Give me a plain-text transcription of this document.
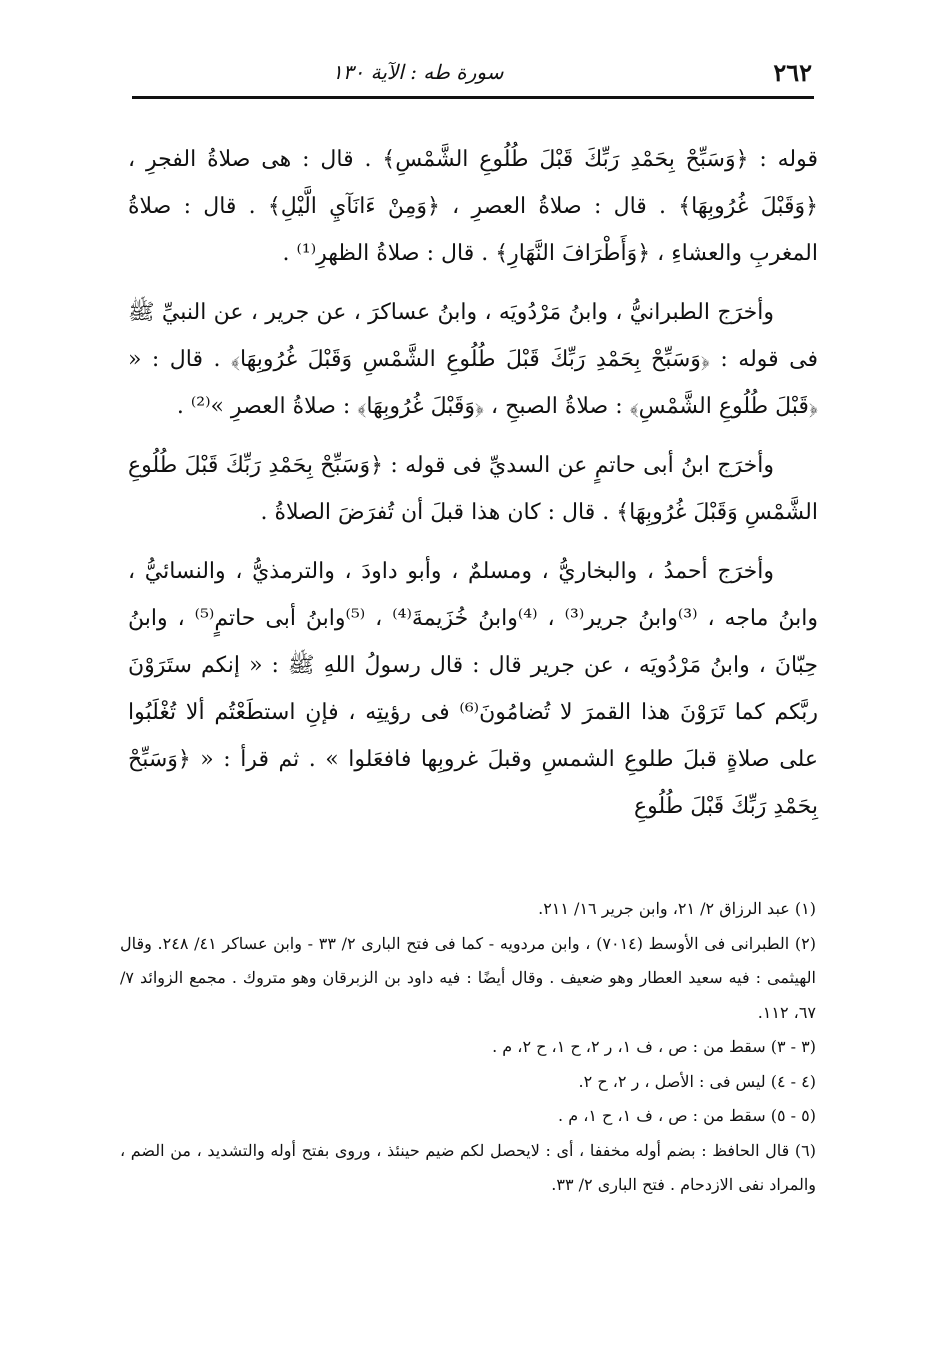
٢٦٢
سورة طه : الآية ١٣٠

قوله : ﴿وَسَبِّحْ بِحَمْدِ رَبِّكَ قَبْلَ طُلُوعِ الشَّمْسِ﴾ . قال : هى صلاةُ الفجرِ ، ﴿وَقَبْلَ غُرُوبِهَا﴾ . قال : صلاةُ العصرِ ، ﴿وَمِنْ ءَانَآيِ الَّيْلِ﴾ . قال : صلاةُ المغربِ والعشاءِ ، ﴿وَأَطْرَافَ النَّهَارِ﴾ . قال : صلاةُ الظهرِ⁽¹⁾ .

وأخرَج الطبرانيُّ ، وابنُ مَرْدُويَه ، وابنُ عساكرَ ، عن جرير ، عن النبيِّ ﷺ فى قوله : ﴿وَسَبِّحْ بِحَمْدِ رَبِّكَ قَبْلَ طُلُوعِ الشَّمْسِ وَقَبْلَ غُرُوبِهَا﴾ . قال : « ﴿قَبْلَ طُلُوعِ الشَّمْسِ﴾ : صلاةُ الصبحِ ، ﴿وَقَبْلَ غُرُوبِهَا﴾ : صلاةُ العصرِ »⁽²⁾ .

وأخرَج ابنُ أبى حاتمٍ عن السديِّ فى قوله : ﴿وَسَبِّحْ بِحَمْدِ رَبِّكَ قَبْلَ طُلُوعِ الشَّمْسِ وَقَبْلَ غُرُوبِهَا﴾ . قال : كان هذا قبلَ أن تُفرَضَ الصلاةُ .

وأخرَج أحمدُ ، والبخاريُّ ، ومسلمٌ ، وأبو داودَ ، والترمذيُّ ، والنسائيُّ ، وابنُ ماجه ، ⁽³⁾وابنُ جرير⁽³⁾ ، ⁽⁴⁾وابنُ خُزَيمةَ⁽⁴⁾ ، ⁽⁵⁾وابنُ أبى حاتمٍ⁽⁵⁾ ، وابنُ حِبّانَ ، وابنُ مَرْدُويَه ، عن جرير قال : قال رسولُ اللهِ ﷺ : « إنكم ستَرَوْنَ ربَّكم كما تَرَوْنَ هذا القمرَ لا تُضامُونَ⁽⁶⁾ فى رؤيتِه ، فإنِ استطَعْتُم ألا تُغْلَبُوا على صلاةٍ قبلَ طلوعِ الشمسِ وقبلَ غروبِها فافعَلوا » . ثم قرأ : « ﴿وَسَبِّحْ بِحَمْدِ رَبِّكَ قَبْلَ طُلُوعِ

(١) عبد الرزاق ٢/ ٢١، وابن جرير ١٦/ ٢١١.

(٢) الطبرانى فى الأوسط (٧٠١٤) ، وابن مردويه - كما فى فتح البارى ٢/ ٣٣ - وابن عساكر ٤١/ ٢٤٨. وقال الهيثمى : فيه سعيد العطار وهو ضعيف . وقال أيضًا : فيه داود بن الزبرقان وهو متروك . مجمع الزوائد ٧/ ٦٧، ١١٢.

(٣ - ٣) سقط من : ص ، ف ١، ر ٢، ح ١، ح ٢، م .

(٤ - ٤) ليس فى : الأصل ، ر ٢، ح ٢.

(٥ - ٥) سقط من : ص ، ف ١، ح ١، م .

(٦) قال الحافظ : بضم أوله مخففا ، أى : لايحصل لكم ضيم حينئذ ، وروى بفتح أوله والتشديد ، من الضم ، والمراد نفى الازدحام . فتح البارى ٢/ ٣٣.
